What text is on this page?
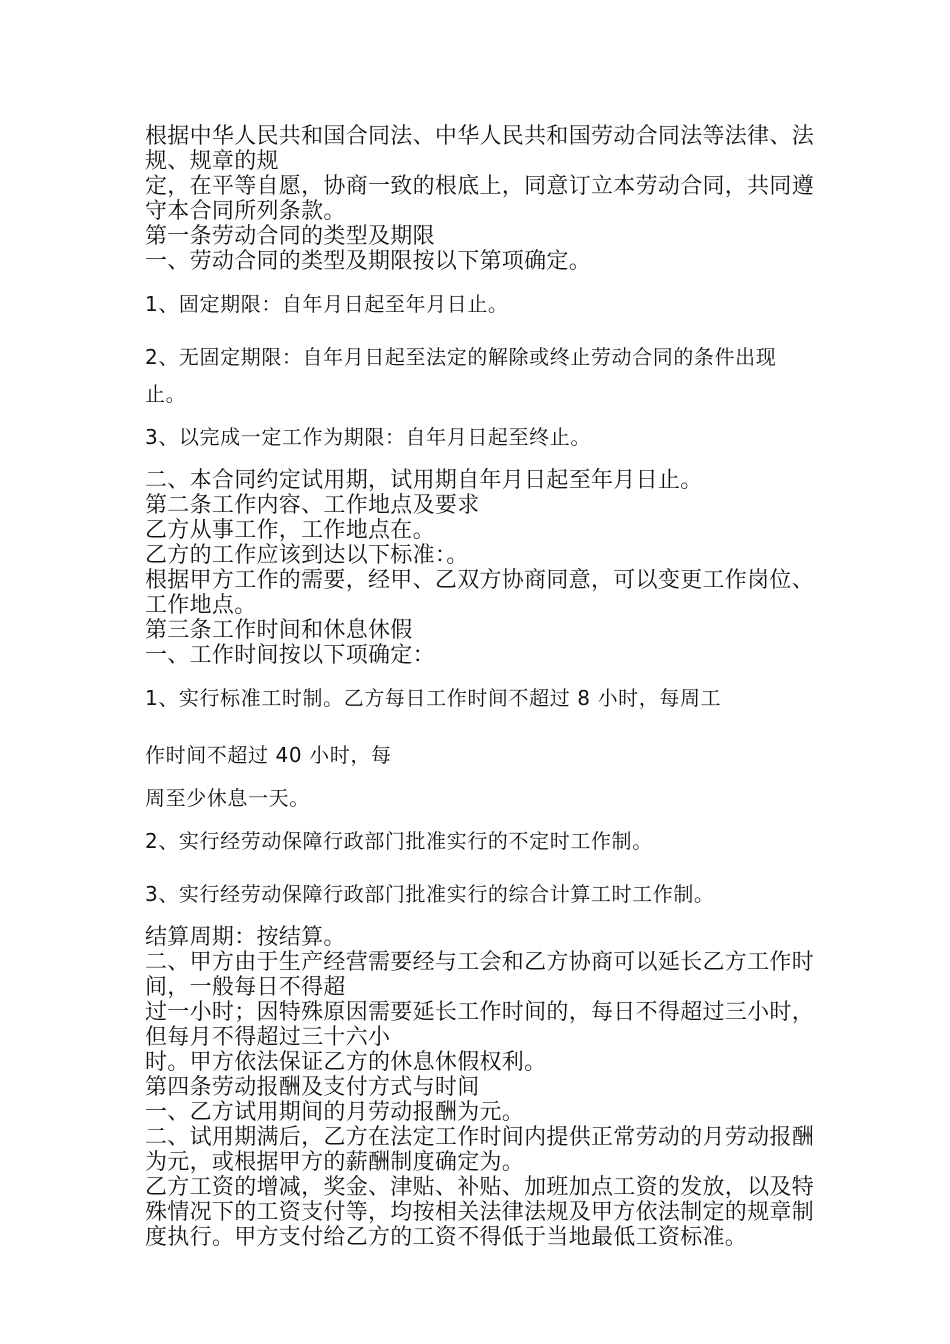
根据中华人民共和国合同法、中华人民共和国劳动合同法等法律、法规、规章的规

定，在平等自愿，协商一致的根底上，同意订立本劳动合同，共同遵守本合同所列条款。

第一条劳动合同的类型及期限

一、劳动合同的类型及期限按以下第项确定。

1、固定期限：自年月日起至年月日止。

2、无固定期限：自年月日起至法定的解除或终止劳动合同的条件出现止。

3、以完成一定工作为期限：自年月日起至终止。

二、本合同约定试用期，试用期自年月日起至年月日止。

第二条工作内容、工作地点及要求

乙方从事工作，工作地点在。

乙方的工作应该到达以下标准：。

根据甲方工作的需要，经甲、乙双方协商同意，可以变更工作岗位、工作地点。

第三条工作时间和休息休假

一、工作时间按以下项确定：

1、实行标准工时制。乙方每日工作时间不超过 8 小时，每周工

作时间不超过 40 小时，每

周至少休息一天。

2、实行经劳动保障行政部门批准实行的不定时工作制。

3、实行经劳动保障行政部门批准实行的综合计算工时工作制。

结算周期：按结算。

二、甲方由于生产经营需要经与工会和乙方协商可以延长乙方工作时间，一般每日不得超

过一小时；因特殊原因需要延长工作时间的，每日不得超过三小时，但每月不得超过三十六小

时。甲方依法保证乙方的休息休假权利。

第四条劳动报酬及支付方式与时间

一、乙方试用期间的月劳动报酬为元。

二、试用期满后，乙方在法定工作时间内提供正常劳动的月劳动报酬为元，或根据甲方的薪酬制度确定为。

乙方工资的增减，奖金、津贴、补贴、加班加点工资的发放，以及特殊情况下的工资支付等，均按相关法律法规及甲方依法制定的规章制度执行。甲方支付给乙方的工资不得低于当地最低工资标准。
